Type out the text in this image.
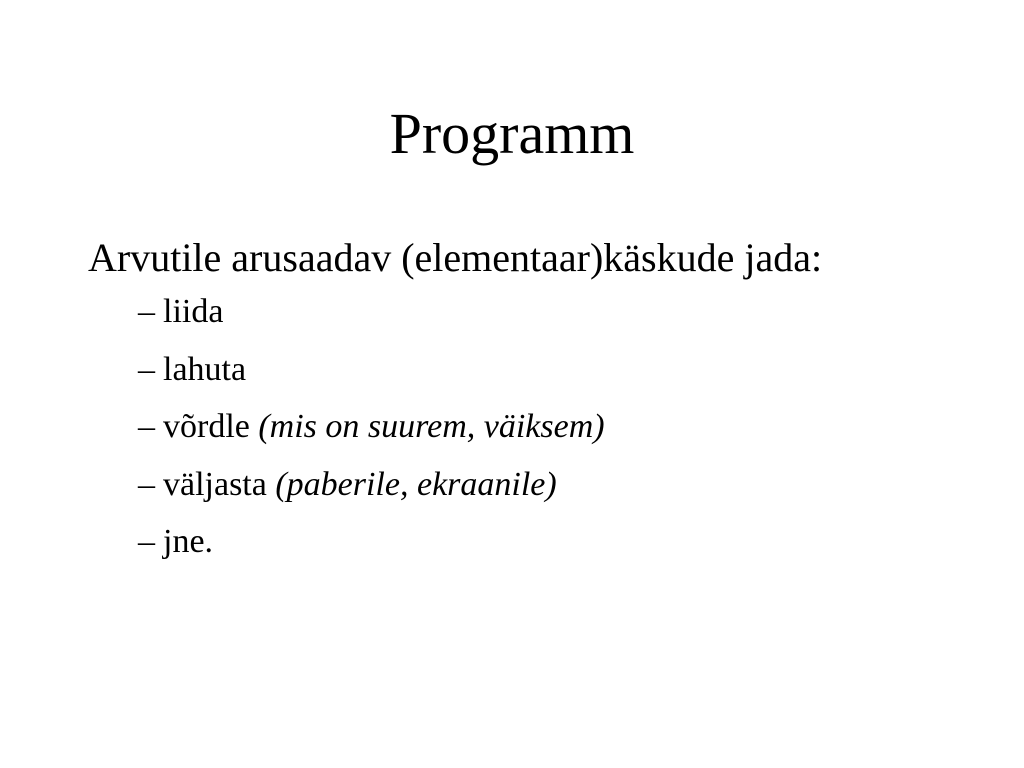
Programm

Arvutile arusaadav (elementaar)käskude jada:

– liida
– lahuta
– võrdle (mis on suurem, väiksem)
– väljasta (paberile, ekraanile)
– jne.
